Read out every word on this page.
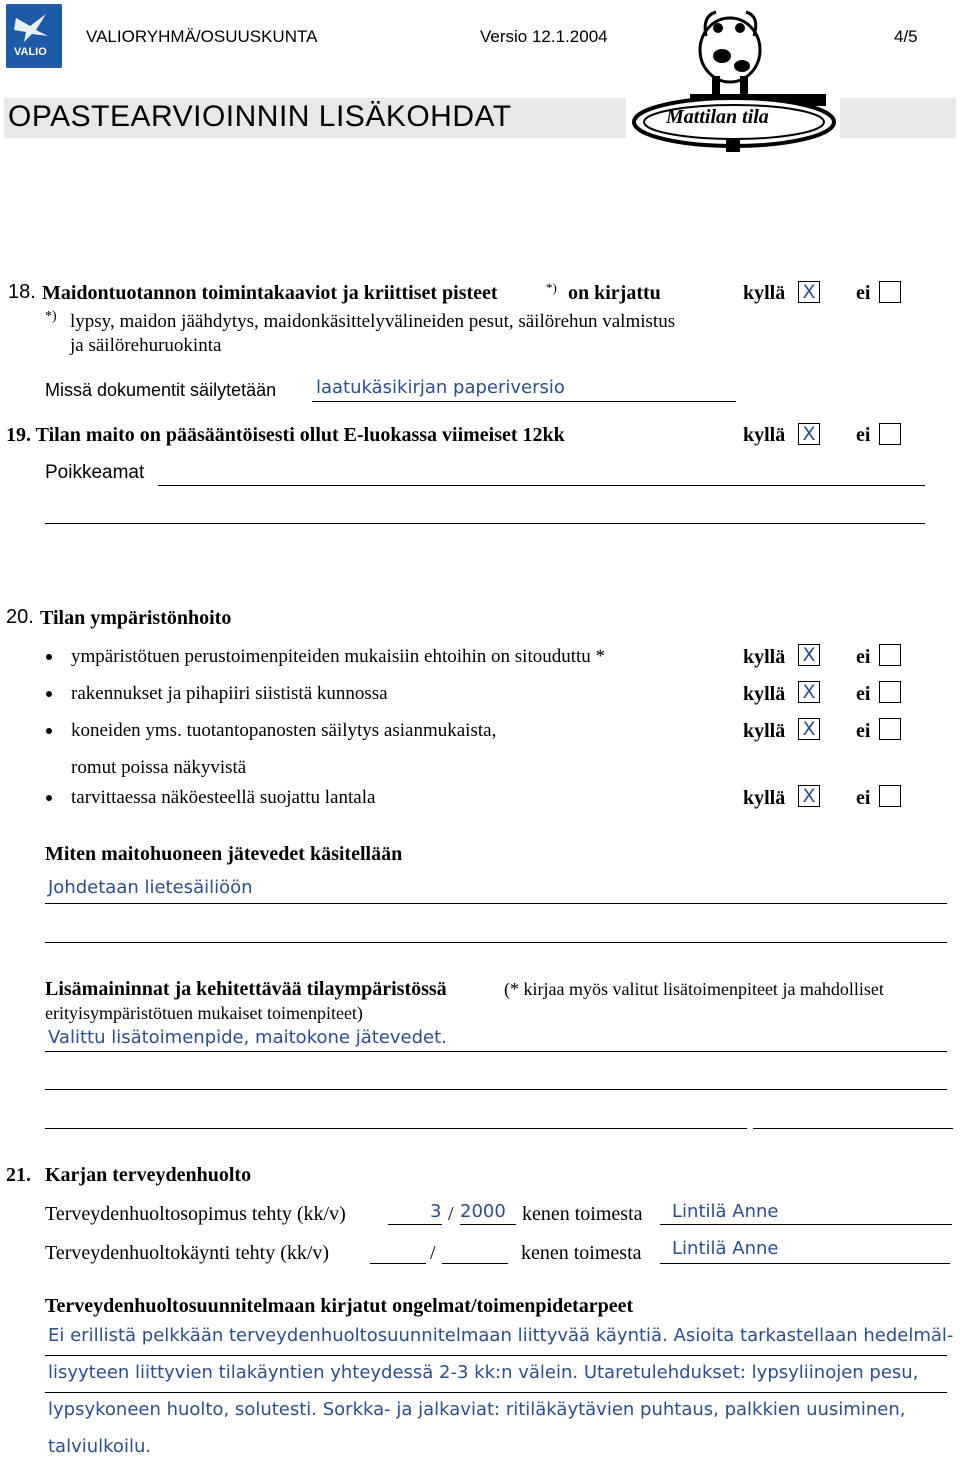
VALIO
VALIORYHMÄ/OSUUSKUNTA	Versio 12.1.2004	4/5
OPASTEARVIOINNIN LISÄKOHDAT	Mattilan tila
18. Maidontuotannon toimintakaaviot ja kriittiset pisteet	*) on kirjattu	kyllä X ei
*) lypsy, maidon jäähdytys, maidonkäsittelyvälineiden pesut, säilörehun valmistus
ja säilörehuruokinta
Missä dokumentit säilytetään laatukäsikirjan paperiversio
19. Tilan maito on pääsääntöisesti ollut E-luokassa viimeiset 12kk	kyllä X ei
Poikkeamat
20. Tilan ympäristönhoito
ympäristötuen perustoimenpiteiden mukaisiin ehtoihin on sitouduttu *	kyllä X ei
rakennukset ja pihapiiri siististä kunnossa	kyllä X ei
koneiden yms. tuotantopanosten säilytys asianmukaista,	kyllä X ei
romut poissa näkyvistä
tarvittaessa näköesteellä suojattu lantala	kyllä X ei
Miten maitohuoneen jätevedet käsitellään
Johdetaan lietesäiliöön
Lisämaininnat ja kehitettävää tilaympäristössä	(* kirjaa myös valitut lisätoimenpiteet ja mahdolliset
erityisympäristötuen mukaiset toimenpiteet)
Valittu lisätoimenpide, maitokone jätevedet.
21. Karjan terveydenhuolto
Terveydenhuoltosopimus tehty (kk/v)	3 / 2000 kenen toimesta Lintilä Anne
Terveydenhuoltokäynti tehty (kk/v)	/	kenen toimesta Lintilä Anne
Terveydenhuoltosuunnitelmaan kirjatut ongelmat/toimenpidetarpeet
Ei erillistä pelkkään terveydenhuoltosuunnitelmaan liittyvää käyntiä. Asioita tarkastellaan hedelmäl-
lisyyteen liittyvien tilakäyntien yhteydessä 2-3 kk:n välein. Utaretulehdukset: lypsyliinojen pesu,
lypsykoneen huolto, solutesti. Sorkka- ja jalkaviat: ritiläkäytävien puhtaus, palkkien uusiminen,
talviulkoilu.
